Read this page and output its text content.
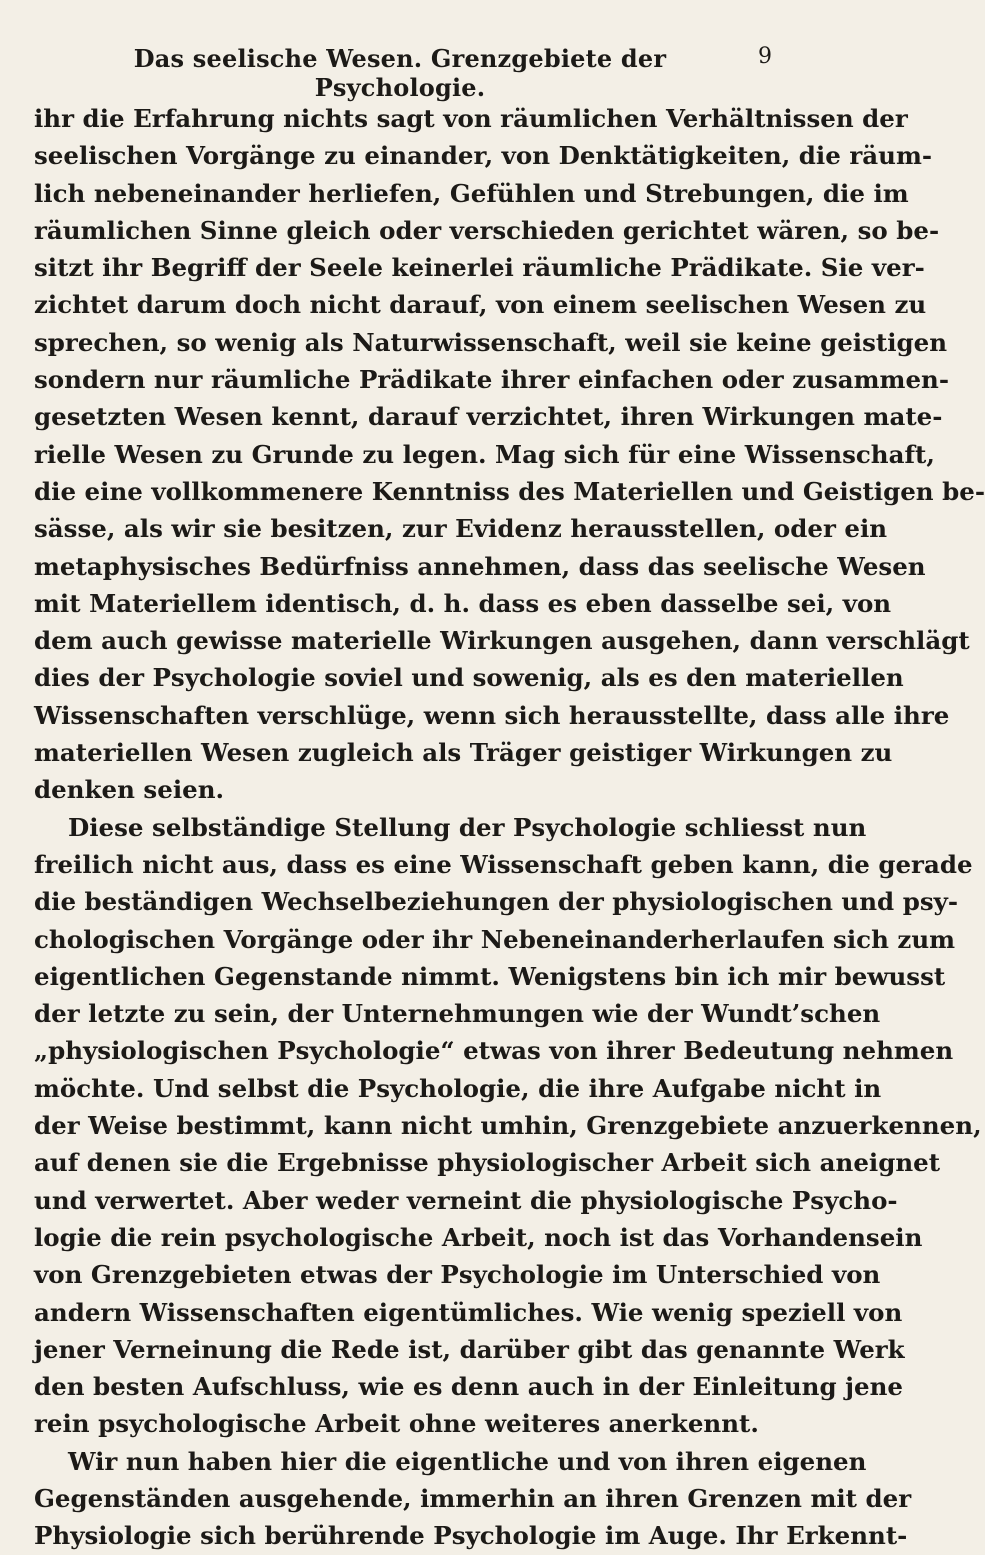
Das seelische Wesen. Grenzgebiete der Psychologie.
9
ihr die Erfahrung nichts sagt von räumlichen Verhältnissen der
seelischen Vorgänge zu einander, von Denktätigkeiten, die räum-
lich nebeneinander herliefen, Gefühlen und Strebungen, die im
räumlichen Sinne gleich oder verschieden gerichtet wären, so be-
sitzt ihr Begriff der Seele keinerlei räumliche Prädikate. Sie ver-
zichtet darum doch nicht darauf, von einem seelischen Wesen zu
sprechen, so wenig als Naturwissenschaft, weil sie keine geistigen
sondern nur räumliche Prädikate ihrer einfachen oder zusammen-
gesetzten Wesen kennt, darauf verzichtet, ihren Wirkungen mate-
rielle Wesen zu Grunde zu legen. Mag sich für eine Wissenschaft,
die eine vollkommenere Kenntniss des Materiellen und Geistigen be-
sässe, als wir sie besitzen, zur Evidenz herausstellen, oder ein
metaphysisches Bedürfniss annehmen, dass das seelische Wesen
mit Materiellem identisch, d. h. dass es eben dasselbe sei, von
dem auch gewisse materielle Wirkungen ausgehen, dann verschlägt
dies der Psychologie soviel und sowenig, als es den materiellen
Wissenschaften verschlüge, wenn sich herausstellte, dass alle ihre
materiellen Wesen zugleich als Träger geistiger Wirkungen zu
denken seien.
Diese selbständige Stellung der Psychologie schliesst nun
freilich nicht aus, dass es eine Wissenschaft geben kann, die gerade
die beständigen Wechselbeziehungen der physiologischen und psy-
chologischen Vorgänge oder ihr Nebeneinanderherlaufen sich zum
eigentlichen Gegenstande nimmt. Wenigstens bin ich mir bewusst
der letzte zu sein, der Unternehmungen wie der Wundt’schen
„physiologischen Psychologie“ etwas von ihrer Bedeutung nehmen
möchte. Und selbst die Psychologie, die ihre Aufgabe nicht in
der Weise bestimmt, kann nicht umhin, Grenzgebiete anzuerkennen,
auf denen sie die Ergebnisse physiologischer Arbeit sich aneignet
und verwertet. Aber weder verneint die physiologische Psycho-
logie die rein psychologische Arbeit, noch ist das Vorhandensein
von Grenzgebieten etwas der Psychologie im Unterschied von
andern Wissenschaften eigentümliches. Wie wenig speziell von
jener Verneinung die Rede ist, darüber gibt das genannte Werk
den besten Aufschluss, wie es denn auch in der Einleitung jene
rein psychologische Arbeit ohne weiteres anerkennt.
Wir nun haben hier die eigentliche und von ihren eigenen
Gegenständen ausgehende, immerhin an ihren Grenzen mit der
Physiologie sich berührende Psychologie im Auge. Ihr Erkennt-
